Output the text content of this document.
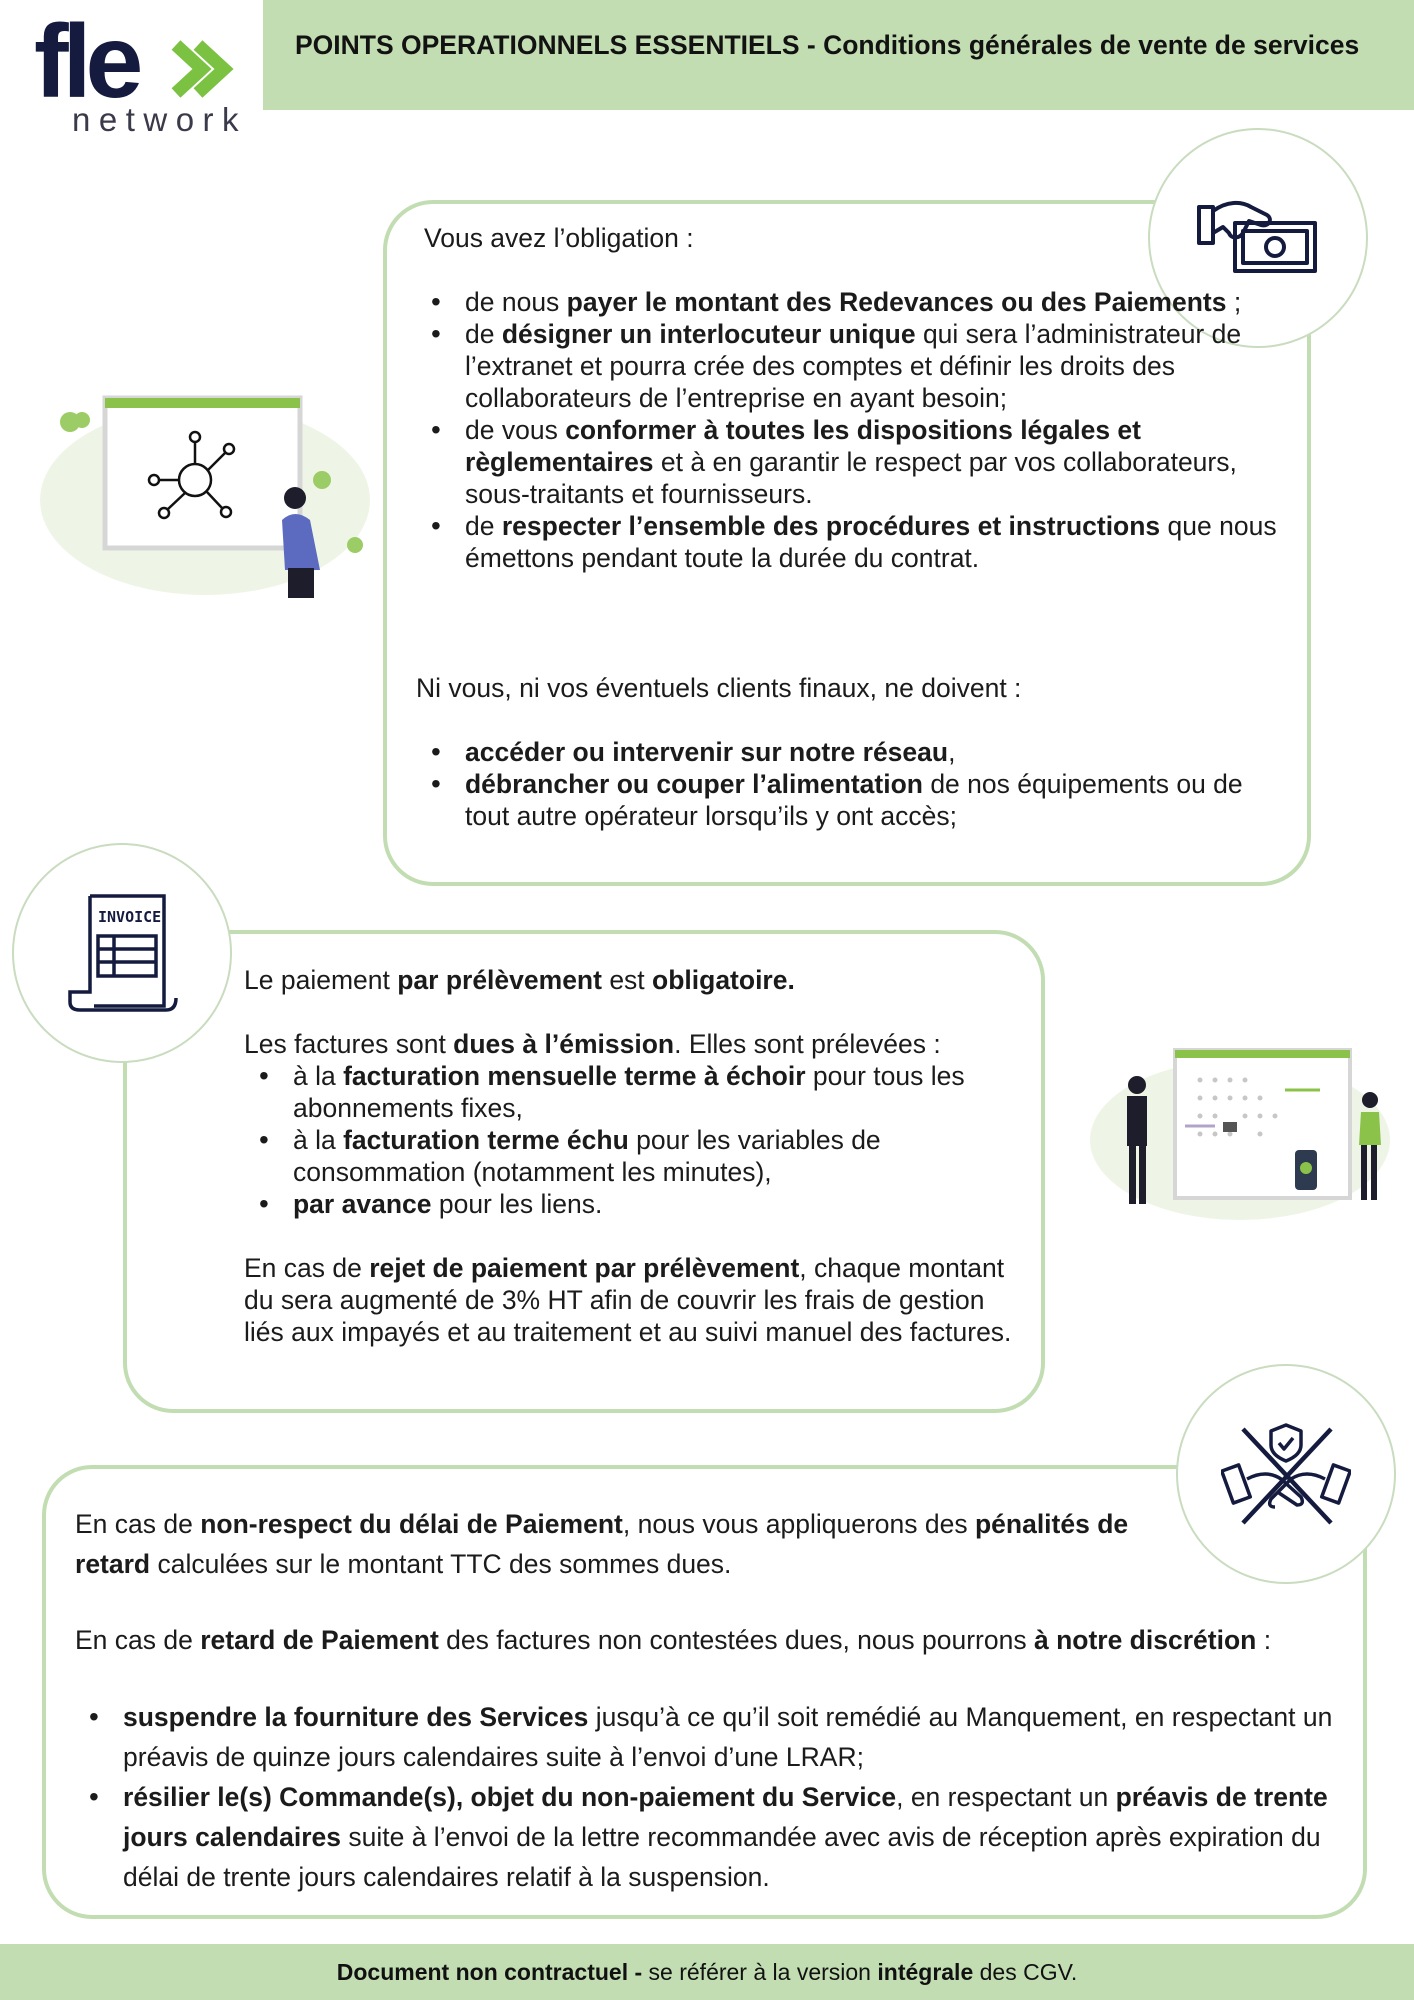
fle
network
POINTS OPERATIONNELS ESSENTIELS - Conditions générales de vente de services
Vous avez l’obligation :
• de nous payer le montant des Redevances ou des Paiements ;
• de désigner un interlocuteur unique qui sera l’administrateur de l’extranet et pourra crée des comptes et définir les droits des collaborateurs de l’entreprise en ayant besoin;
• de vous conformer à toutes les dispositions légales et règlementaires et à en garantir le respect par vos collaborateurs, sous-traitants et fournisseurs.
• de respecter l’ensemble des procédures et instructions que nous émettons pendant toute la durée du contrat.
Ni vous, ni vos éventuels clients finaux, ne doivent :
• accéder ou intervenir sur notre réseau,
• débrancher ou couper l’alimentation de nos équipements ou de tout autre opérateur lorsqu’ils y ont accès;
INVOICE
Le paiement par prélèvement est obligatoire.
Les factures sont dues à l’émission. Elles sont prélevées :
• à la facturation mensuelle terme à échoir pour tous les abonnements fixes,
• à la facturation terme échu pour les variables de consommation (notamment les minutes),
• par avance pour les liens.
En cas de rejet de paiement par prélèvement, chaque montant du sera augmenté de 3% HT afin de couvrir les frais de gestion liés aux impayés et au traitement et au suivi manuel des factures.
En cas de non-respect du délai de Paiement, nous vous appliquerons des pénalités de retard calculées sur le montant TTC des sommes dues.
En cas de retard de Paiement des factures non contestées dues, nous pourrons à notre discrétion :
• suspendre la fourniture des Services jusqu’à ce qu’il soit remédié au Manquement, en respectant un préavis de quinze jours calendaires suite à l’envoi d’une LRAR;
• résilier le(s) Commande(s), objet du non-paiement du Service, en respectant un préavis de trente jours calendaires suite à l’envoi de la lettre recommandée avec avis de réception après expiration du délai de trente jours calendaires relatif à la suspension.
Document non contractuel - se référer à la version intégrale des CGV.
